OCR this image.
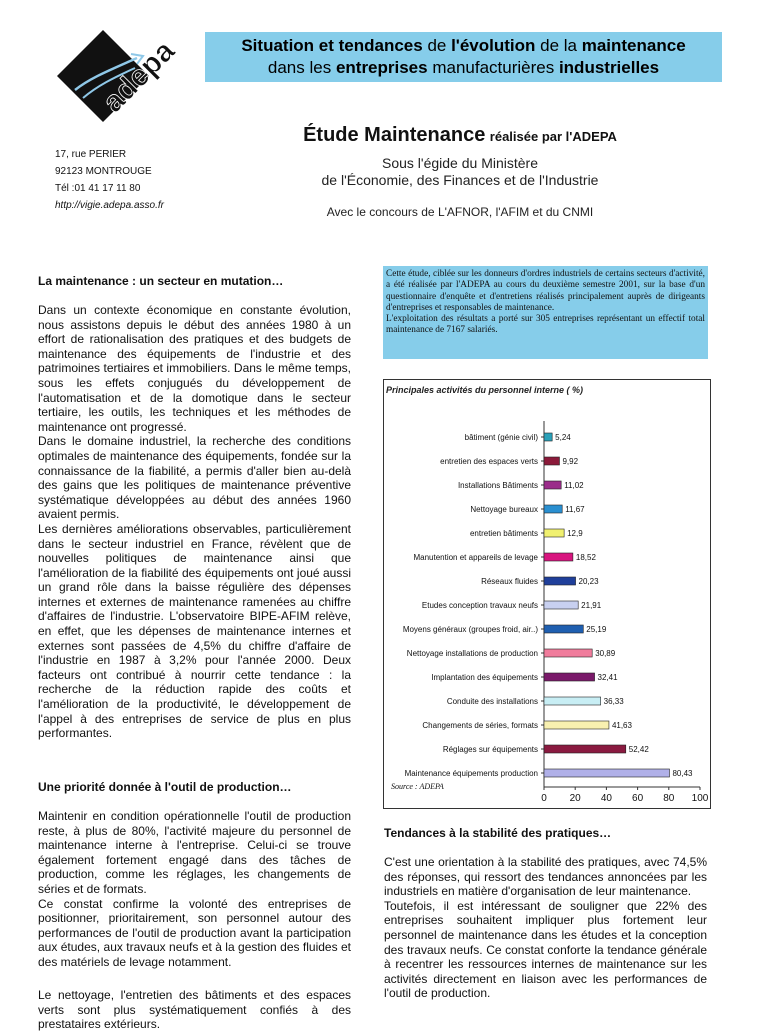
adepa	Situation et tendances de l'évolution de la maintenance
dans les entreprises manufacturières industrielles
17, rue PERIER
92123 MONTROUGE
Tél :01 41 17 11 80
http://vigie.adepa.asso.fr
Étude Maintenance réalisée par l'ADEPA
Sous l'égide du Ministère
de l'Économie, des Finances et de l'Industrie
Avec le concours de L'AFNOR, l'AFIM et du CNMI
La maintenance : un secteur en mutation…
Dans un contexte économique en constante évolution, nous assistons depuis le début des années 1980 à un effort de rationalisation des pratiques et des budgets de maintenance des équipements de l'industrie et des patrimoines tertiaires et immobiliers. Dans le même temps, sous les effets conjugués du développement de l'automatisation et de la domotique dans le secteur tertiaire, les outils, les techniques et les méthodes de maintenance ont progressé.
Dans le domaine industriel, la recherche des conditions optimales de maintenance des équipements, fondée sur la connaissance de la fiabilité, a permis d'aller bien au-delà des gains que les politiques de maintenance préventive systématique développées au début des années 1960 avaient permis.
Les dernières améliorations observables, particulièrement dans le secteur industriel en France, révèlent que de nouvelles politiques de maintenance ainsi que l'amélioration de la fiabilité des équipements ont joué aussi un grand rôle dans la baisse régulière des dépenses internes et externes de maintenance ramenées au chiffre d'affaires de l'industrie. L'observatoire BIPE-AFIM relève, en effet, que les dépenses de maintenance internes et externes sont passées de 4,5% du chiffre d'affaire de l'industrie en 1987 à 3,2% pour l'année 2000. Deux facteurs ont contribué à nourrir cette tendance : la recherche de la réduction rapide des coûts et l'amélioration de la productivité, le développement de l'appel à des entreprises de service de plus en plus performantes.
Une priorité donnée à l'outil de production…
Maintenir en condition opérationnelle l'outil de production reste, à plus de 80%, l'activité majeure du personnel de maintenance interne à l'entreprise. Celui-ci se trouve également fortement engagé dans des tâches de production, comme les réglages, les changements de séries et de formats.
Ce constat confirme la volonté des entreprises de positionner, prioritairement, son personnel autour des performances de l'outil de production avant la participation aux études, aux travaux neufs et à la gestion des fluides et des matériels de levage notamment.
Le nettoyage, l'entretien des bâtiments et des espaces verts sont plus systématiquement confiés à des prestataires extérieurs.
Cette étude, ciblée sur les donneurs d'ordres industriels de certains secteurs d'activité, a été réalisée par l'ADEPA au cours du deuxième semestre 2001, sur la base d'un questionnaire d'enquête et d'entretiens réalisés principalement auprès de dirigeants d'entreprises et responsables de maintenance.
L'exploitation des résultats a porté sur 305 entreprises représentant un effectif total maintenance de 7167 salariés.
Principales activités du personnel interne ( %)
0 20 40 60 80 100
bâtiment (génie civil) 5,24
entretien des espaces verts	9,92
Installations Bâtiments	11,02
Nettoyage bureaux	11,67
entretien bâtiments	12,9
Manutention et appareils de levage	18,52
Réseaux fluides	20,23
Etudes conception travaux neufs	21,91
Moyens généraux (groupes froid, air..)	25,19
Nettoyage installations de production	30,89
Implantation des équipements	32,41
Conduite des installations	36,33
Changements de séries, formats	41,63
Réglages sur équipements	52,42
Maintenance équipements production	80,43
Source : ADEPA
Tendances à la stabilité des pratiques…
C'est une orientation à la stabilité des pratiques, avec 74,5% des réponses, qui ressort des tendances annoncées par les industriels en matière d'organisation de leur maintenance.
Toutefois, il est intéressant de souligner que 22% des entreprises souhaitent impliquer plus fortement leur personnel de maintenance dans les études et la conception des travaux neufs. Ce constat conforte la tendance générale à recentrer les ressources internes de maintenance sur les activités directement en liaison avec les performances de l'outil de production.
